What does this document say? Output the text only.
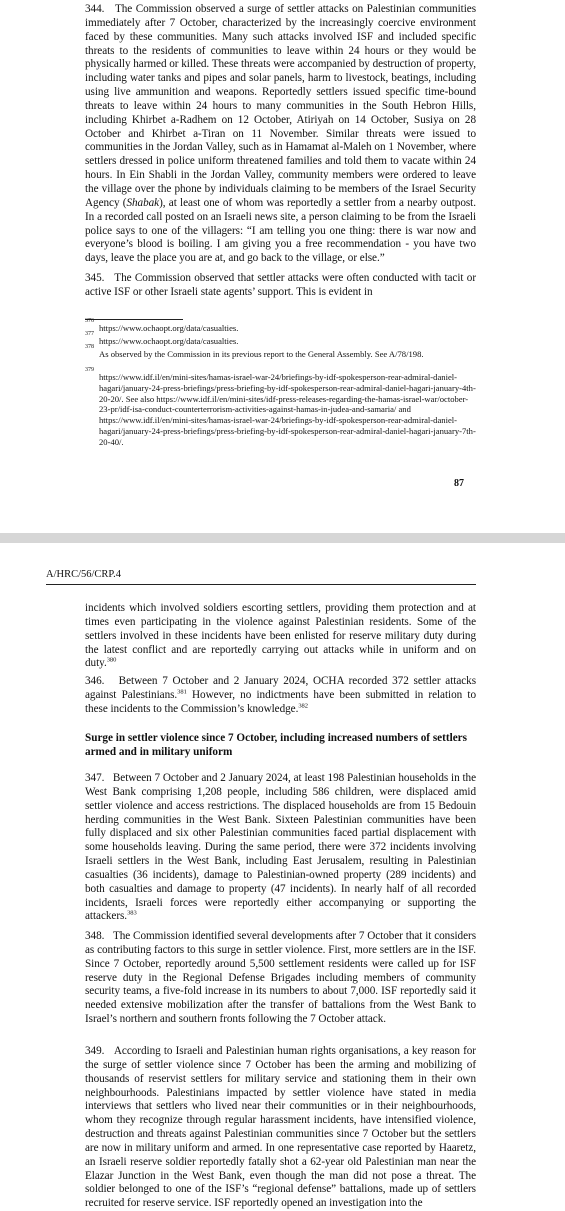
344.   The Commission observed a surge of settler attacks on Palestinian communities immediately after 7 October, characterized by the increasingly coercive environment faced by these communities. Many such attacks involved ISF and included specific threats to the residents of communities to leave within 24 hours or they would be physically harmed or killed. These threats were accompanied by destruction of property, including water tanks and pipes and solar panels, harm to livestock, beatings, including using live ammunition and weapons. Reportedly settlers issued specific time-bound threats to leave within 24 hours to many communities in the South Hebron Hills, including Khirbet a-Radhem on 12 October, Atiriyah on 14 October, Susiya on 28 October and Khirbet a-Tiran on 11 November. Similar threats were issued to communities in the Jordan Valley, such as in Hamamat al-Maleh on 1 November, where settlers dressed in police uniform threatened families and told them to vacate within 24 hours. In Ein Shabli in the Jordan Valley, community members were ordered to leave the village over the phone by individuals claiming to be members of the Israel Security Agency (Shabak), at least one of whom was reportedly a settler from a nearby outpost. In a recorded call posted on an Israeli news site, a person claiming to be from the Israeli police says to one of the villagers: “I am telling you one thing: there is war now and everyone’s blood is boiling. I am giving you a free recommendation - you have two days, leave the place you are at, and go back to the village, or else.”

345.   The Commission observed that settler attacks were often conducted with tacit or active ISF or other Israeli state agents’ support. This is evident in

376
https://www.ochaopt.org/data/casualties.
377
https://www.ochaopt.org/data/casualties.
378
As observed by the Commission in its previous report to the General Assembly. See A/78/198.
379
https://www.idf.il/en/mini-sites/hamas-israel-war-24/briefings-by-idf-spokesperson-rear-admiral-daniel-hagari/january-24-press-briefings/press-briefing-by-idf-spokesperson-rear-admiral-daniel-hagari-january-4th-20-20/. See also https://www.idf.il/en/mini-sites/idf-press-releases-regarding-the-hamas-israel-war/october-23-pr/idf-isa-conduct-counterterrorism-activities-against-hamas-in-judea-and-samaria/ and https://www.idf.il/en/mini-sites/hamas-israel-war-24/briefings-by-idf-spokesperson-rear-admiral-daniel-hagari/january-24-press-briefings/press-briefing-by-idf-spokesperson-rear-admiral-daniel-hagari-january-7th-20-40/.
87
A/HRC/56/CRP.4

incidents which involved soldiers escorting settlers, providing them protection and at times even participating in the violence against Palestinian residents. Some of the settlers involved in these incidents have been enlisted for reserve military duty during the latest conflict and are reportedly carrying out attacks while in uniform and on duty.$^{380}$

346.   Between 7 October and 2 January 2024, OCHA recorded 372 settler attacks against Palestinians.$^{381}$ However, no indictments have been submitted in relation to these incidents to the Commission’s knowledge.$^{382}$

Surge in settler violence since 7 October, including increased numbers of settlers armed and in military uniform

347.   Between 7 October and 2 January 2024, at least 198 Palestinian households in the West Bank comprising 1,208 people, including 586 children, were displaced amid settler violence and access restrictions. The displaced households are from 15 Bedouin herding communities in the West Bank. Sixteen Palestinian communities have been fully displaced and six other Palestinian communities faced partial displacement with some households leaving. During the same period, there were 372 incidents involving Israeli settlers in the West Bank, including East Jerusalem, resulting in Palestinian casualties (36 incidents), damage to Palestinian-owned property (289 incidents) and both casualties and damage to property (47 incidents). In nearly half of all recorded incidents, Israeli forces were reportedly either accompanying or supporting the attackers.$^{383}$

348.   The Commission identified several developments after 7 October that it considers as contributing factors to this surge in settler violence. First, more settlers are in the ISF. Since 7 October, reportedly around 5,500 settlement residents were called up for ISF reserve duty in the Regional Defense Brigades including members of community security teams, a five-fold increase in its numbers to about 7,000. ISF reportedly said it needed extensive mobilization after the transfer of battalions from the West Bank to Israel’s northern and southern fronts following the 7 October attack.

349.   According to Israeli and Palestinian human rights organisations, a key reason for the surge of settler violence since 7 October has been the arming and mobilizing of thousands of reservist settlers for military service and stationing them in their own neighbourhoods. Palestinians impacted by settler violence have stated in media interviews that settlers who lived near their communities or in their neighbourhoods, whom they recognize through regular harassment incidents, have intensified violence, destruction and threats against Palestinian communities since 7 October but the settlers are now in military uniform and armed. In one representative case reported by Haaretz, an Israeli reserve soldier reportedly fatally shot a 62-year old Palestinian man near the Elazar Junction in the West Bank, even though the man did not pose a threat. The soldier belonged to one of the ISF’s “regional defense” battalions, made up of settlers recruited for reserve service. ISF reportedly opened an investigation into the
